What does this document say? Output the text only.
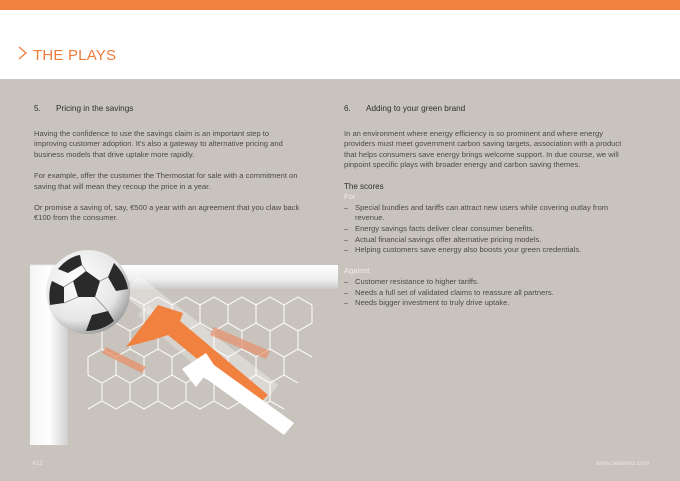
THE PLAYS
5. Pricing in the savings

Having the confidence to use the savings claim is an important step to improving customer adoption. It's also a gateway to alternative pricing and business models that drive uptake more rapidly.

For example, offer the customer the Thermostat for sale with a commitment on saving that will mean they recoup the price in a year.

Or promise a saving of, say, €500 a year with an agreement that you claw back €100 from the consumer.

6. Adding to your green brand

In an environment where energy efficiency is so prominent and where energy providers must meet government carbon saving targets, association with a product that helps consumers save energy brings welcome support. In due course, we will pinpoint specific plays with broader energy and carbon saving themes.

The scores
For
– Special bundles and tariffs can attract new users while covering outlay from revenue.
– Energy savings facts deliver clear consumer benefits.
– Actual financial savings offer alternative pricing models.
– Helping customers save energy also boosts your green credentials.
Against
– Customer resistance to higher tariffs.
– Needs a full set of validated claims to reassure all partners.
– Needs bigger investment to truly drive uptake.
#12	www.netatmo.com
